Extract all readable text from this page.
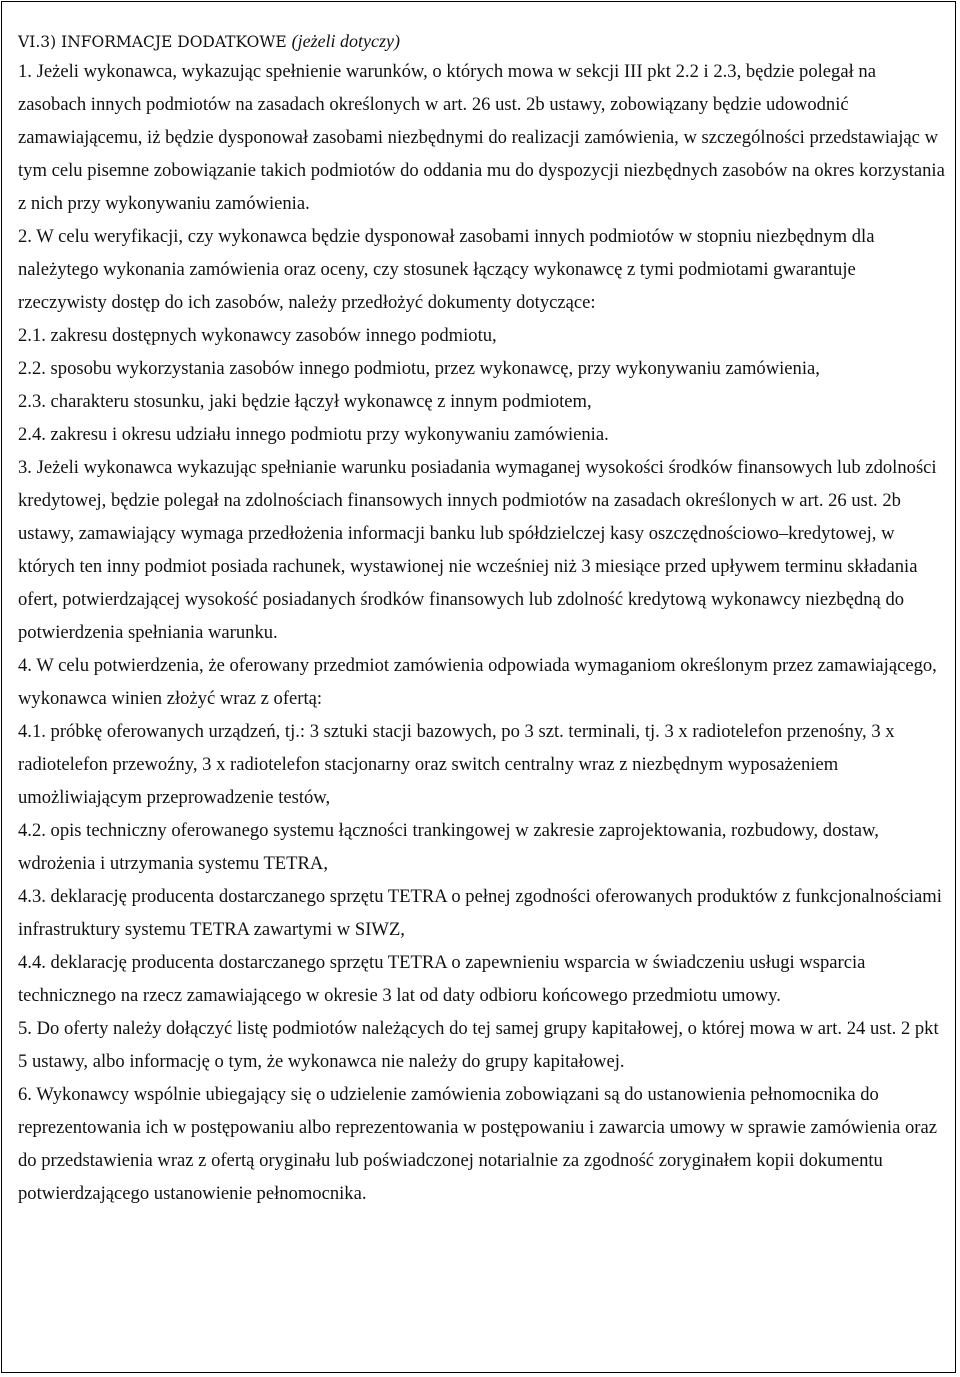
VI.3) INFORMACJE DODATKOWE (jeżeli dotyczy)

1. Jeżeli wykonawca, wykazując spełnienie warunków, o których mowa w sekcji III pkt 2.2 i 2.3, będzie polegał na zasobach innych podmiotów na zasadach określonych w art. 26 ust. 2b ustawy, zobowiązany będzie udowodnić zamawiającemu, iż będzie dysponował zasobami niezbędnymi do realizacji zamówienia, w szczególności przedstawiając w tym celu pisemne zobowiązanie takich podmiotów do oddania mu do dyspozycji niezbędnych zasobów na okres korzystania z nich przy wykonywaniu zamówienia.

2. W celu weryfikacji, czy wykonawca będzie dysponował zasobami innych podmiotów w stopniu niezbędnym dla należytego wykonania zamówienia oraz oceny, czy stosunek łączący wykonawcę z tymi podmiotami gwarantuje rzeczywisty dostęp do ich zasobów, należy przedłożyć dokumenty dotyczące:

2.1. zakresu dostępnych wykonawcy zasobów innego podmiotu,

2.2. sposobu wykorzystania zasobów innego podmiotu, przez wykonawcę, przy wykonywaniu zamówienia,

2.3. charakteru stosunku, jaki będzie łączył wykonawcę z innym podmiotem,

2.4. zakresu i okresu udziału innego podmiotu przy wykonywaniu zamówienia.

3. Jeżeli wykonawca wykazując spełnianie warunku posiadania wymaganej wysokości środków finansowych lub zdolności kredytowej, będzie polegał na zdolnościach finansowych innych podmiotów na zasadach określonych w art. 26 ust. 2b ustawy, zamawiający wymaga przedłożenia informacji banku lub spółdzielczej kasy oszczędnościowo–kredytowej, w których ten inny podmiot posiada rachunek, wystawionej nie wcześniej niż 3 miesiące przed upływem terminu składania ofert, potwierdzającej wysokość posiadanych środków finansowych lub zdolność kredytową wykonawcy niezbędną do potwierdzenia spełniania warunku.

4. W celu potwierdzenia, że oferowany przedmiot zamówienia odpowiada wymaganiom określonym przez zamawiającego, wykonawca winien złożyć wraz z ofertą:

4.1. próbkę oferowanych urządzeń, tj.: 3 sztuki stacji bazowych, po 3 szt. terminali, tj. 3 x radiotelefon przenośny, 3 x radiotelefon przewoźny, 3 x radiotelefon stacjonarny oraz switch centralny wraz z niezbędnym wyposażeniem umożliwiającym przeprowadzenie testów,

4.2. opis techniczny oferowanego systemu łączności trankingowej w zakresie zaprojektowania, rozbudowy, dostaw, wdrożenia i utrzymania systemu TETRA,

4.3. deklarację producenta dostarczanego sprzętu TETRA o pełnej zgodności oferowanych produktów z funkcjonalnościami infrastruktury systemu TETRA zawartymi w SIWZ,

4.4. deklarację producenta dostarczanego sprzętu TETRA o zapewnieniu wsparcia w świadczeniu usługi wsparcia technicznego na rzecz zamawiającego w okresie 3 lat od daty odbioru końcowego przedmiotu umowy.

5. Do oferty należy dołączyć listę podmiotów należących do tej samej grupy kapitałowej, o której mowa w art. 24 ust. 2 pkt 5 ustawy, albo informację o tym, że wykonawca nie należy do grupy kapitałowej.

6. Wykonawcy wspólnie ubiegający się o udzielenie zamówienia zobowiązani są do ustanowienia pełnomocnika do reprezentowania ich w postępowaniu albo reprezentowania w postępowaniu i zawarcia umowy w sprawie zamówienia oraz do przedstawienia wraz z ofertą oryginału lub poświadczonej notarialnie za zgodność zoryginałem kopii dokumentu potwierdzającego ustanowienie pełnomocnika.
